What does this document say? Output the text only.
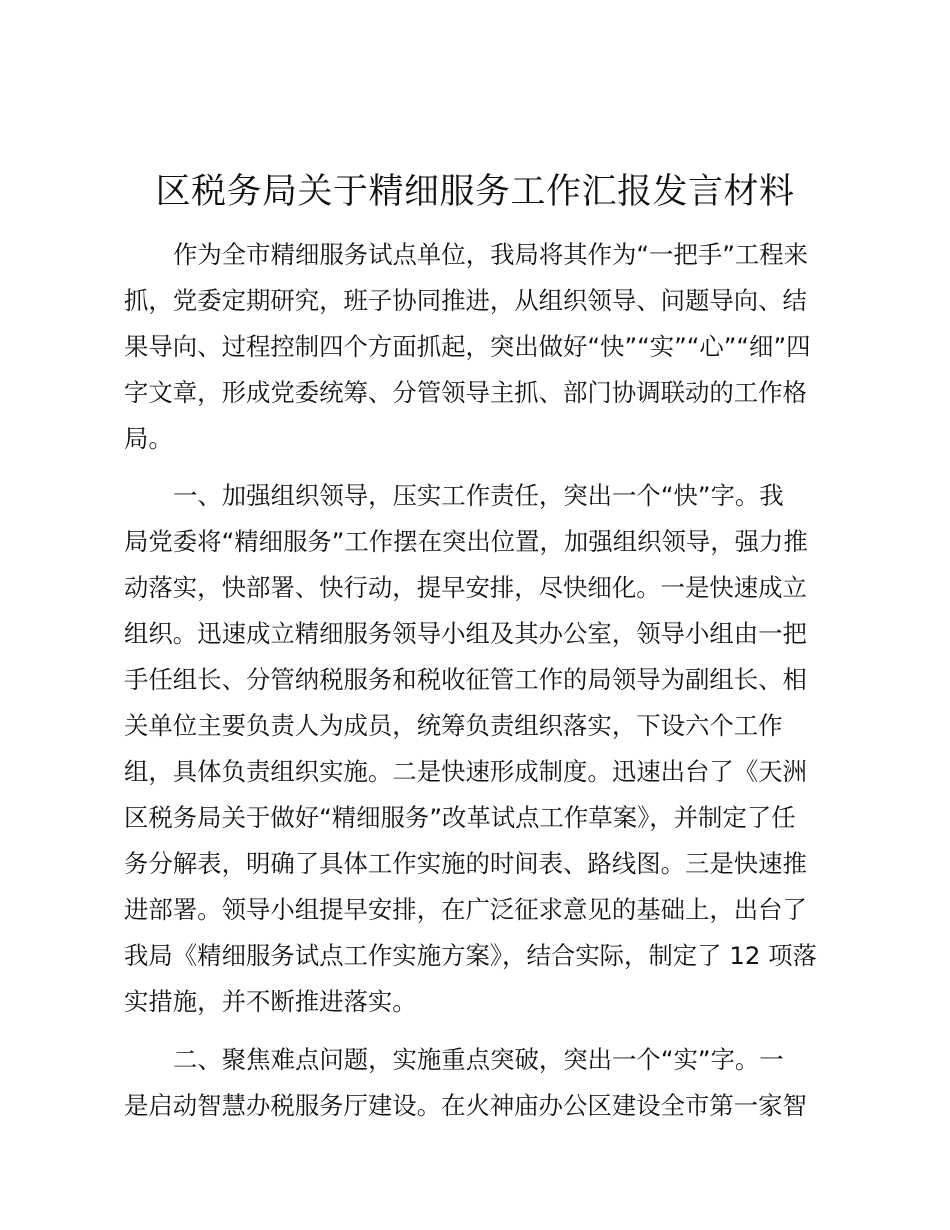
区税务局关于精细服务工作汇报发言材料
作为全市精细服务试点单位，我局将其作为“一把手”工程来
抓，党委定期研究，班子协同推进，从组织领导、问题导向、结
果导向、过程控制四个方面抓起，突出做好“快”“实”“心”“细”四
字文章，形成党委统筹、分管领导主抓、部门协调联动的工作格
局。
一、加强组织领导，压实工作责任，突出一个“快”字。我
局党委将“精细服务”工作摆在突出位置，加强组织领导，强力推
动落实，快部署、快行动，提早安排，尽快细化。一是快速成立
组织。迅速成立精细服务领导小组及其办公室，领导小组由一把
手任组长、分管纳税服务和税收征管工作的局领导为副组长、相
关单位主要负责人为成员，统筹负责组织落实，下设六个工作
组，具体负责组织实施。二是快速形成制度。迅速出台了《天洲
区税务局关于做好“精细服务”改革试点工作草案》，并制定了任
务分解表，明确了具体工作实施的时间表、路线图。三是快速推
进部署。领导小组提早安排，在广泛征求意见的基础上，出台了
我局《精细服务试点工作实施方案》，结合实际，制定了 12 项落
实措施，并不断推进落实。
二、聚焦难点问题，实施重点突破，突出一个“实”字。一
是启动智慧办税服务厅建设。在火神庙办公区建设全市第一家智
